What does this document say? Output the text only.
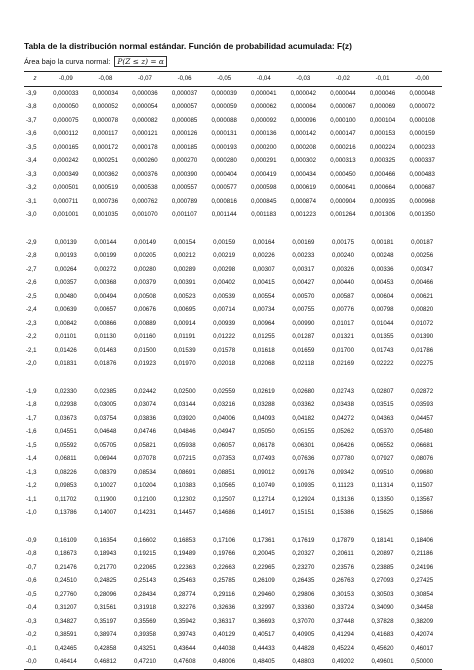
Tabla de la distribución normal estándar. Función de probabilidad acumulada: F(z)
Área bajo la curva normal: P(Z ≤ z) = α
z	-0,09	-0,08	-0,07	-0,06	-0,05	-0,04	-0,03	-0,02	-0,01	-0,00
-3,9	0,000033	0,000034	0,000036	0,000037	0,000039	0,000041	0,000042	0,000044	0,000046	0,000048
-3,8	0,000050	0,000052	0,000054	0,000057	0,000059	0,000062	0,000064	0,000067	0,000069	0,000072
-3,7	0,000075	0,000078	0,000082	0,000085	0,000088	0,000092	0,000096	0,000100	0,000104	0,000108
-3,6	0,000112	0,000117	0,000121	0,000126	0,000131	0,000136	0,000142	0,000147	0,000153	0,000159
-3,5	0,000165	0,000172	0,000178	0,000185	0,000193	0,000200	0,000208	0,000216	0,000224	0,000233
-3,4	0,000242	0,000251	0,000260	0,000270	0,000280	0,000291	0,000302	0,000313	0,000325	0,000337
-3,3	0,000349	0,000362	0,000376	0,000390	0,000404	0,000419	0,000434	0,000450	0,000466	0,000483
-3,2	0,000501	0,000519	0,000538	0,000557	0,000577	0,000598	0,000619	0,000641	0,000664	0,000687
-3,1	0,000711	0,000736	0,000762	0,000789	0,000816	0,000845	0,000874	0,000904	0,000935	0,000968
-3,0	0,001001	0,001035	0,001070	0,001107	0,001144	0,001183	0,001223	0,001264	0,001306	0,001350

-2,9	0,00139	0,00144	0,00149	0,00154	0,00159	0,00164	0,00169	0,00175	0,00181	0,00187
-2,8	0,00193	0,00199	0,00205	0,00212	0,00219	0,00226	0,00233	0,00240	0,00248	0,00256
-2,7	0,00264	0,00272	0,00280	0,00289	0,00298	0,00307	0,00317	0,00326	0,00336	0,00347
-2,6	0,00357	0,00368	0,00379	0,00391	0,00402	0,00415	0,00427	0,00440	0,00453	0,00466
-2,5	0,00480	0,00494	0,00508	0,00523	0,00539	0,00554	0,00570	0,00587	0,00604	0,00621
-2,4	0,00639	0,00657	0,00676	0,00695	0,00714	0,00734	0,00755	0,00776	0,00798	0,00820
-2,3	0,00842	0,00866	0,00889	0,00914	0,00939	0,00964	0,00990	0,01017	0,01044	0,01072
-2,2	0,01101	0,01130	0,01160	0,01191	0,01222	0,01255	0,01287	0,01321	0,01355	0,01390
-2,1	0,01426	0,01463	0,01500	0,01539	0,01578	0,01618	0,01659	0,01700	0,01743	0,01786
-2,0	0,01831	0,01876	0,01923	0,01970	0,02018	0,02068	0,02118	0,02169	0,02222	0,02275

-1,9	0,02330	0,02385	0,02442	0,02500	0,02559	0,02619	0,02680	0,02743	0,02807	0,02872
-1,8	0,02938	0,03005	0,03074	0,03144	0,03216	0,03288	0,03362	0,03438	0,03515	0,03593
-1,7	0,03673	0,03754	0,03836	0,03920	0,04006	0,04093	0,04182	0,04272	0,04363	0,04457
-1,6	0,04551	0,04648	0,04746	0,04846	0,04947	0,05050	0,05155	0,05262	0,05370	0,05480
-1,5	0,05592	0,05705	0,05821	0,05938	0,06057	0,06178	0,06301	0,06426	0,06552	0,06681
-1,4	0,06811	0,06944	0,07078	0,07215	0,07353	0,07493	0,07636	0,07780	0,07927	0,08076
-1,3	0,08226	0,08379	0,08534	0,08691	0,08851	0,09012	0,09176	0,09342	0,09510	0,09680
-1,2	0,09853	0,10027	0,10204	0,10383	0,10565	0,10749	0,10935	0,11123	0,11314	0,11507
-1,1	0,11702	0,11900	0,12100	0,12302	0,12507	0,12714	0,12924	0,13136	0,13350	0,13567
-1,0	0,13786	0,14007	0,14231	0,14457	0,14686	0,14917	0,15151	0,15386	0,15625	0,15866

-0,9	0,16109	0,16354	0,16602	0,16853	0,17106	0,17361	0,17619	0,17879	0,18141	0,18406
-0,8	0,18673	0,18943	0,19215	0,19489	0,19766	0,20045	0,20327	0,20611	0,20897	0,21186
-0,7	0,21476	0,21770	0,22065	0,22363	0,22663	0,22965	0,23270	0,23576	0,23885	0,24196
-0,6	0,24510	0,24825	0,25143	0,25463	0,25785	0,26109	0,26435	0,26763	0,27093	0,27425
-0,5	0,27760	0,28096	0,28434	0,28774	0,29116	0,29460	0,29806	0,30153	0,30503	0,30854
-0,4	0,31207	0,31561	0,31918	0,32276	0,32636	0,32997	0,33360	0,33724	0,34090	0,34458
-0,3	0,34827	0,35197	0,35569	0,35942	0,36317	0,36693	0,37070	0,37448	0,37828	0,38209
-0,2	0,38591	0,38974	0,39358	0,39743	0,40129	0,40517	0,40905	0,41294	0,41683	0,42074
-0,1	0,42465	0,42858	0,43251	0,43644	0,44038	0,44433	0,44828	0,45224	0,45620	0,46017
-0,0	0,46414	0,46812	0,47210	0,47608	0,48006	0,48405	0,48803	0,49202	0,49601	0,50000
